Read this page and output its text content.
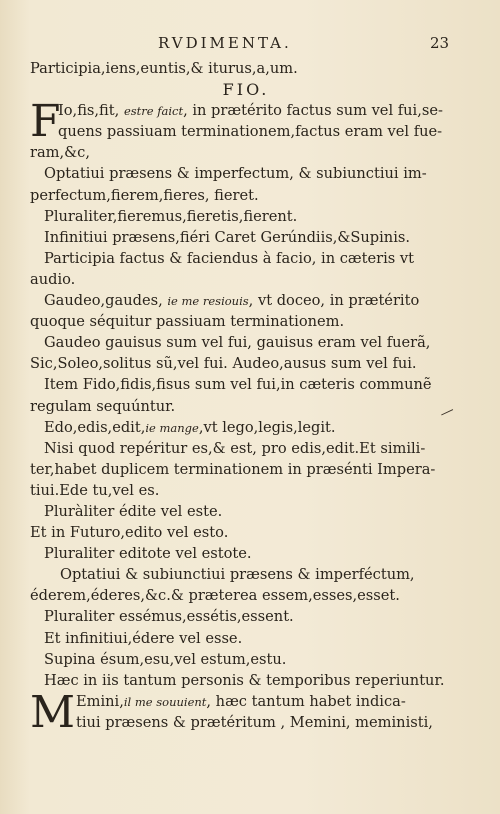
RVDIMENTA.	23
—
Participia,iens,euntis,& iturus,a,um.
FIO.
F
Io,fis,fit, estre faict, in prætérito factus sum vel fui,se-
quens passiuam terminationem,factus eram vel fue-
ram,&c,
Optatiui præsens & imperfectum, & subiunctiui im-
perfectum,fierem,fieres, fieret.
Pluraliter,fieremus,fieretis,fierent.
Infinitiui præsens,fiéri Caret Gerúndiis,&Supinis.
Participia factus & faciendus à facio, in cæteris vt
audio.
Gaudeo,gaudes, ie me resiouis, vt doceo, in prætérito
quoque séquitur passiuam terminationem.
Gaudeo gauisus sum vel fui, gauisus eram vel fuerã,
Sic,Soleo,solitus sũ,vel fui. Audeo,ausus sum vel fui.
Item Fido,fidis,fisus sum vel fui,in cæteris communẽ
regulam sequúntur.
Edo,edis,edit,ie mange,vt lego,legis,legit.
Nisi quod repéritur es,& est, pro edis,edit.Et simili-
ter,habet duplicem terminationem in præsénti Impera-
tiui.Ede tu,vel es.
Pluràliter édite vel este.
Et in Futuro,edito vel esto.
Pluraliter editote vel estote.
Optatiui & subiunctiui præsens & imperféctum,
éderem,éderes,&c.& præterea essem,esses,esset.
Pluraliter essémus,essétis,essent.
Et infinitiui,édere vel esse.
Supina ésum,esu,vel estum,estu.
Hæc in iis tantum personis & temporibus reperiuntur.
M Emini,il me souuient, hæc tantum habet indica-
tiui præsens & prætéritum , Memini, meministi,
